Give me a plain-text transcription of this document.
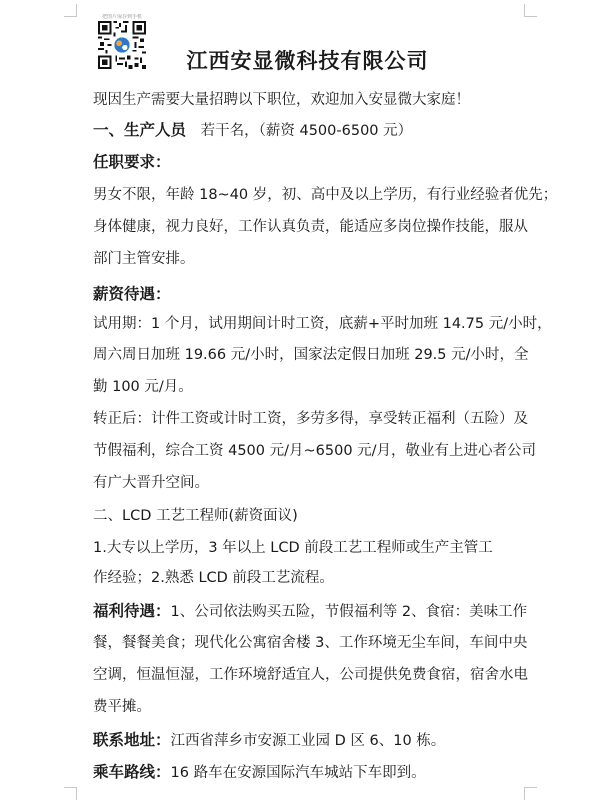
把图片保存到手机
江西安显微科技有限公司
现因生产需要大量招聘以下职位，欢迎加入安显微大家庭！
一、生产人员 若干名，（薪资 4500-6500 元）
任职要求：
男女不限，年龄 18~40 岁，初、高中及以上学历，有行业经验者优先；
身体健康，视力良好，工作认真负责，能适应多岗位操作技能，服从
部门主管安排。
薪资待遇：
试用期：1 个月，试用期间计时工资，底薪+平时加班 14.75 元/小时，
周六周日加班 19.66 元/小时，国家法定假日加班 29.5 元/小时，全
勤 100 元/月。
转正后：计件工资或计时工资，多劳多得，享受转正福利（五险）及
节假福利，综合工资 4500 元/月~6500 元/月，敬业有上进心者公司
有广大晋升空间。
二、LCD 工艺工程师(薪资面议)
1.大专以上学历，3 年以上 LCD 前段工艺工程师或生产主管工
作经验；2.熟悉 LCD 前段工艺流程。
福利待遇：1、公司依法购买五险，节假福利等 2、食宿：美味工作
餐，餐餐美食；现代化公寓宿舍楼 3、工作环境无尘车间，车间中央
空调，恒温恒湿，工作环境舒适宜人，公司提供免费食宿，宿舍水电
费平摊。
联系地址：江西省萍乡市安源工业园 D 区 6、10 栋。
乘车路线：16 路车在安源国际汽车城站下车即到。
